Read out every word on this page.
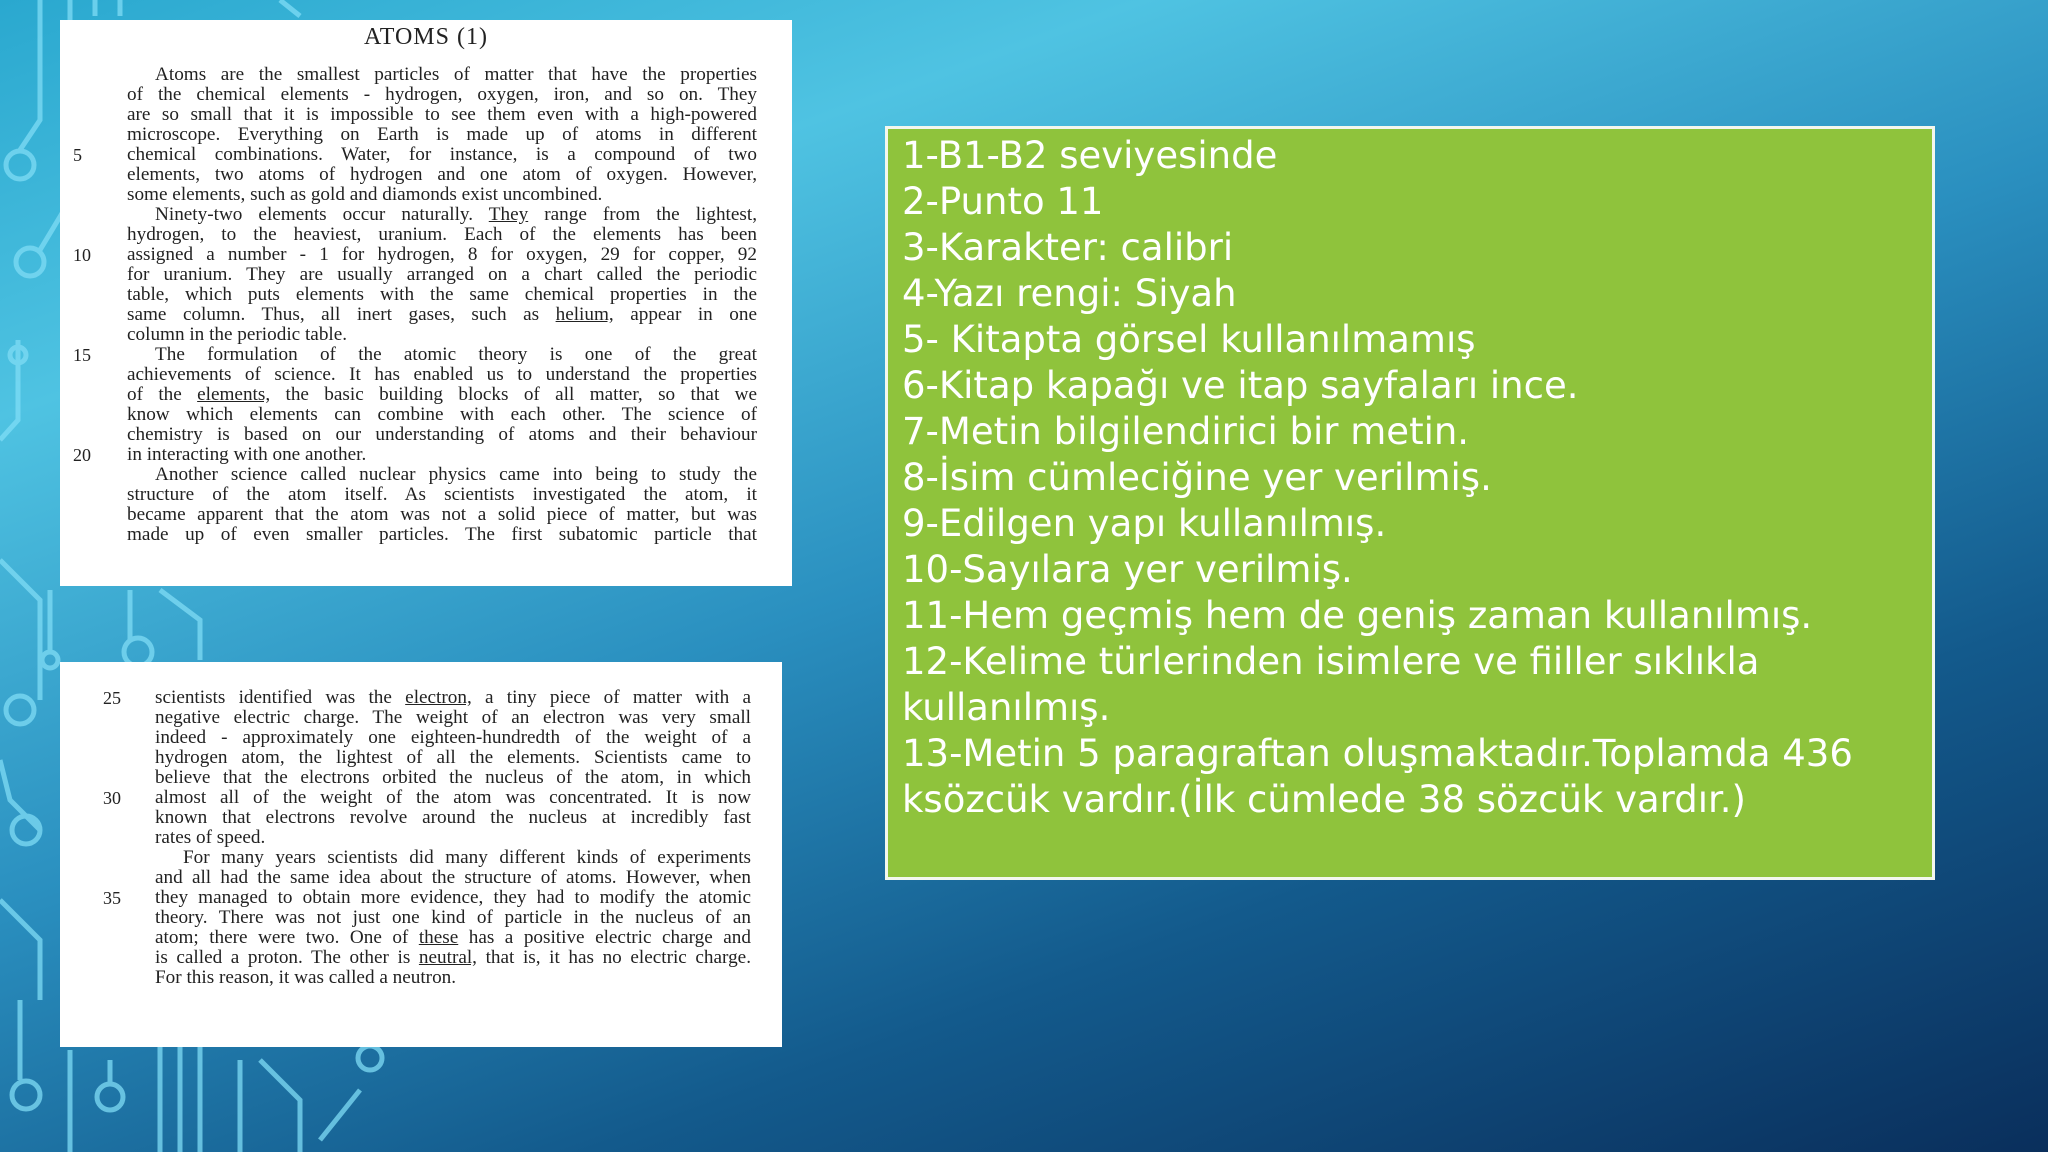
ATOMS (1)
Atoms are the smallest particles of matter that have the properties
of the chemical elements - hydrogen, oxygen, iron, and so on. They
are so small that it is impossible to see them even with a high-powered
microscope. Everything on Earth is made up of atoms in different
5	chemical combinations. Water, for instance, is a compound of two
elements, two atoms of hydrogen and one atom of oxygen. However,
some elements, such as gold and diamonds exist uncombined.
Ninety-two elements occur naturally. They range from the lightest,
hydrogen, to the heaviest, uranium. Each of the elements has been
10	assigned a number - 1 for hydrogen, 8 for oxygen, 29 for copper, 92
for uranium. They are usually arranged on a chart called the periodic
table, which puts elements with the same chemical properties in the
same column. Thus, all inert gases, such as helium, appear in one
column in the periodic table.
15	The formulation of the atomic theory is one of the great
achievements of science. It has enabled us to understand the properties
of the elements, the basic building blocks of all matter, so that we
know which elements can combine with each other. The science of
chemistry is based on our understanding of atoms and their behaviour
20	in interacting with one another.
Another science called nuclear physics came into being to study the
structure of the atom itself. As scientists investigated the atom, it
became apparent that the atom was not a solid piece of matter, but was
made up of even smaller particles. The first subatomic particle that
25	scientists identified was the electron, a tiny piece of matter with a
negative electric charge. The weight of an electron was very small
indeed - approximately one eighteen-hundredth of the weight of a
hydrogen atom, the lightest of all the elements. Scientists came to
believe that the electrons orbited the nucleus of the atom, in which
30	almost all of the weight of the atom was concentrated. It is now
known that electrons revolve around the nucleus at incredibly fast
rates of speed.
For many years scientists did many different kinds of experiments
and all had the same idea about the structure of atoms. However, when
35	they managed to obtain more evidence, they had to modify the atomic
theory. There was not just one kind of particle in the nucleus of an
atom; there were two. One of these has a positive electric charge and
is called a proton. The other is neutral, that is, it has no electric charge.
For this reason, it was called a neutron.
1-B1-B2 seviyesinde
2-Punto 11
3-Karakter: calibri
4-Yazı rengi: Siyah
5- Kitapta görsel kullanılmamış
6-Kitap kapağı ve itap sayfaları ince.
7-Metin bilgilendirici bir metin.
8-İsim cümleciğine yer verilmiş.
9-Edilgen yapı kullanılmış.
10-Sayılara yer verilmiş.
11-Hem geçmiş hem de geniş zaman kullanılmış.
12-Kelime türlerinden isimlere ve fiiller sıklıkla kullanılmış.
13-Metin 5 paragraftan oluşmaktadır.Toplamda 436 ksözcük vardır.(İlk cümlede 38 sözcük vardır.)
